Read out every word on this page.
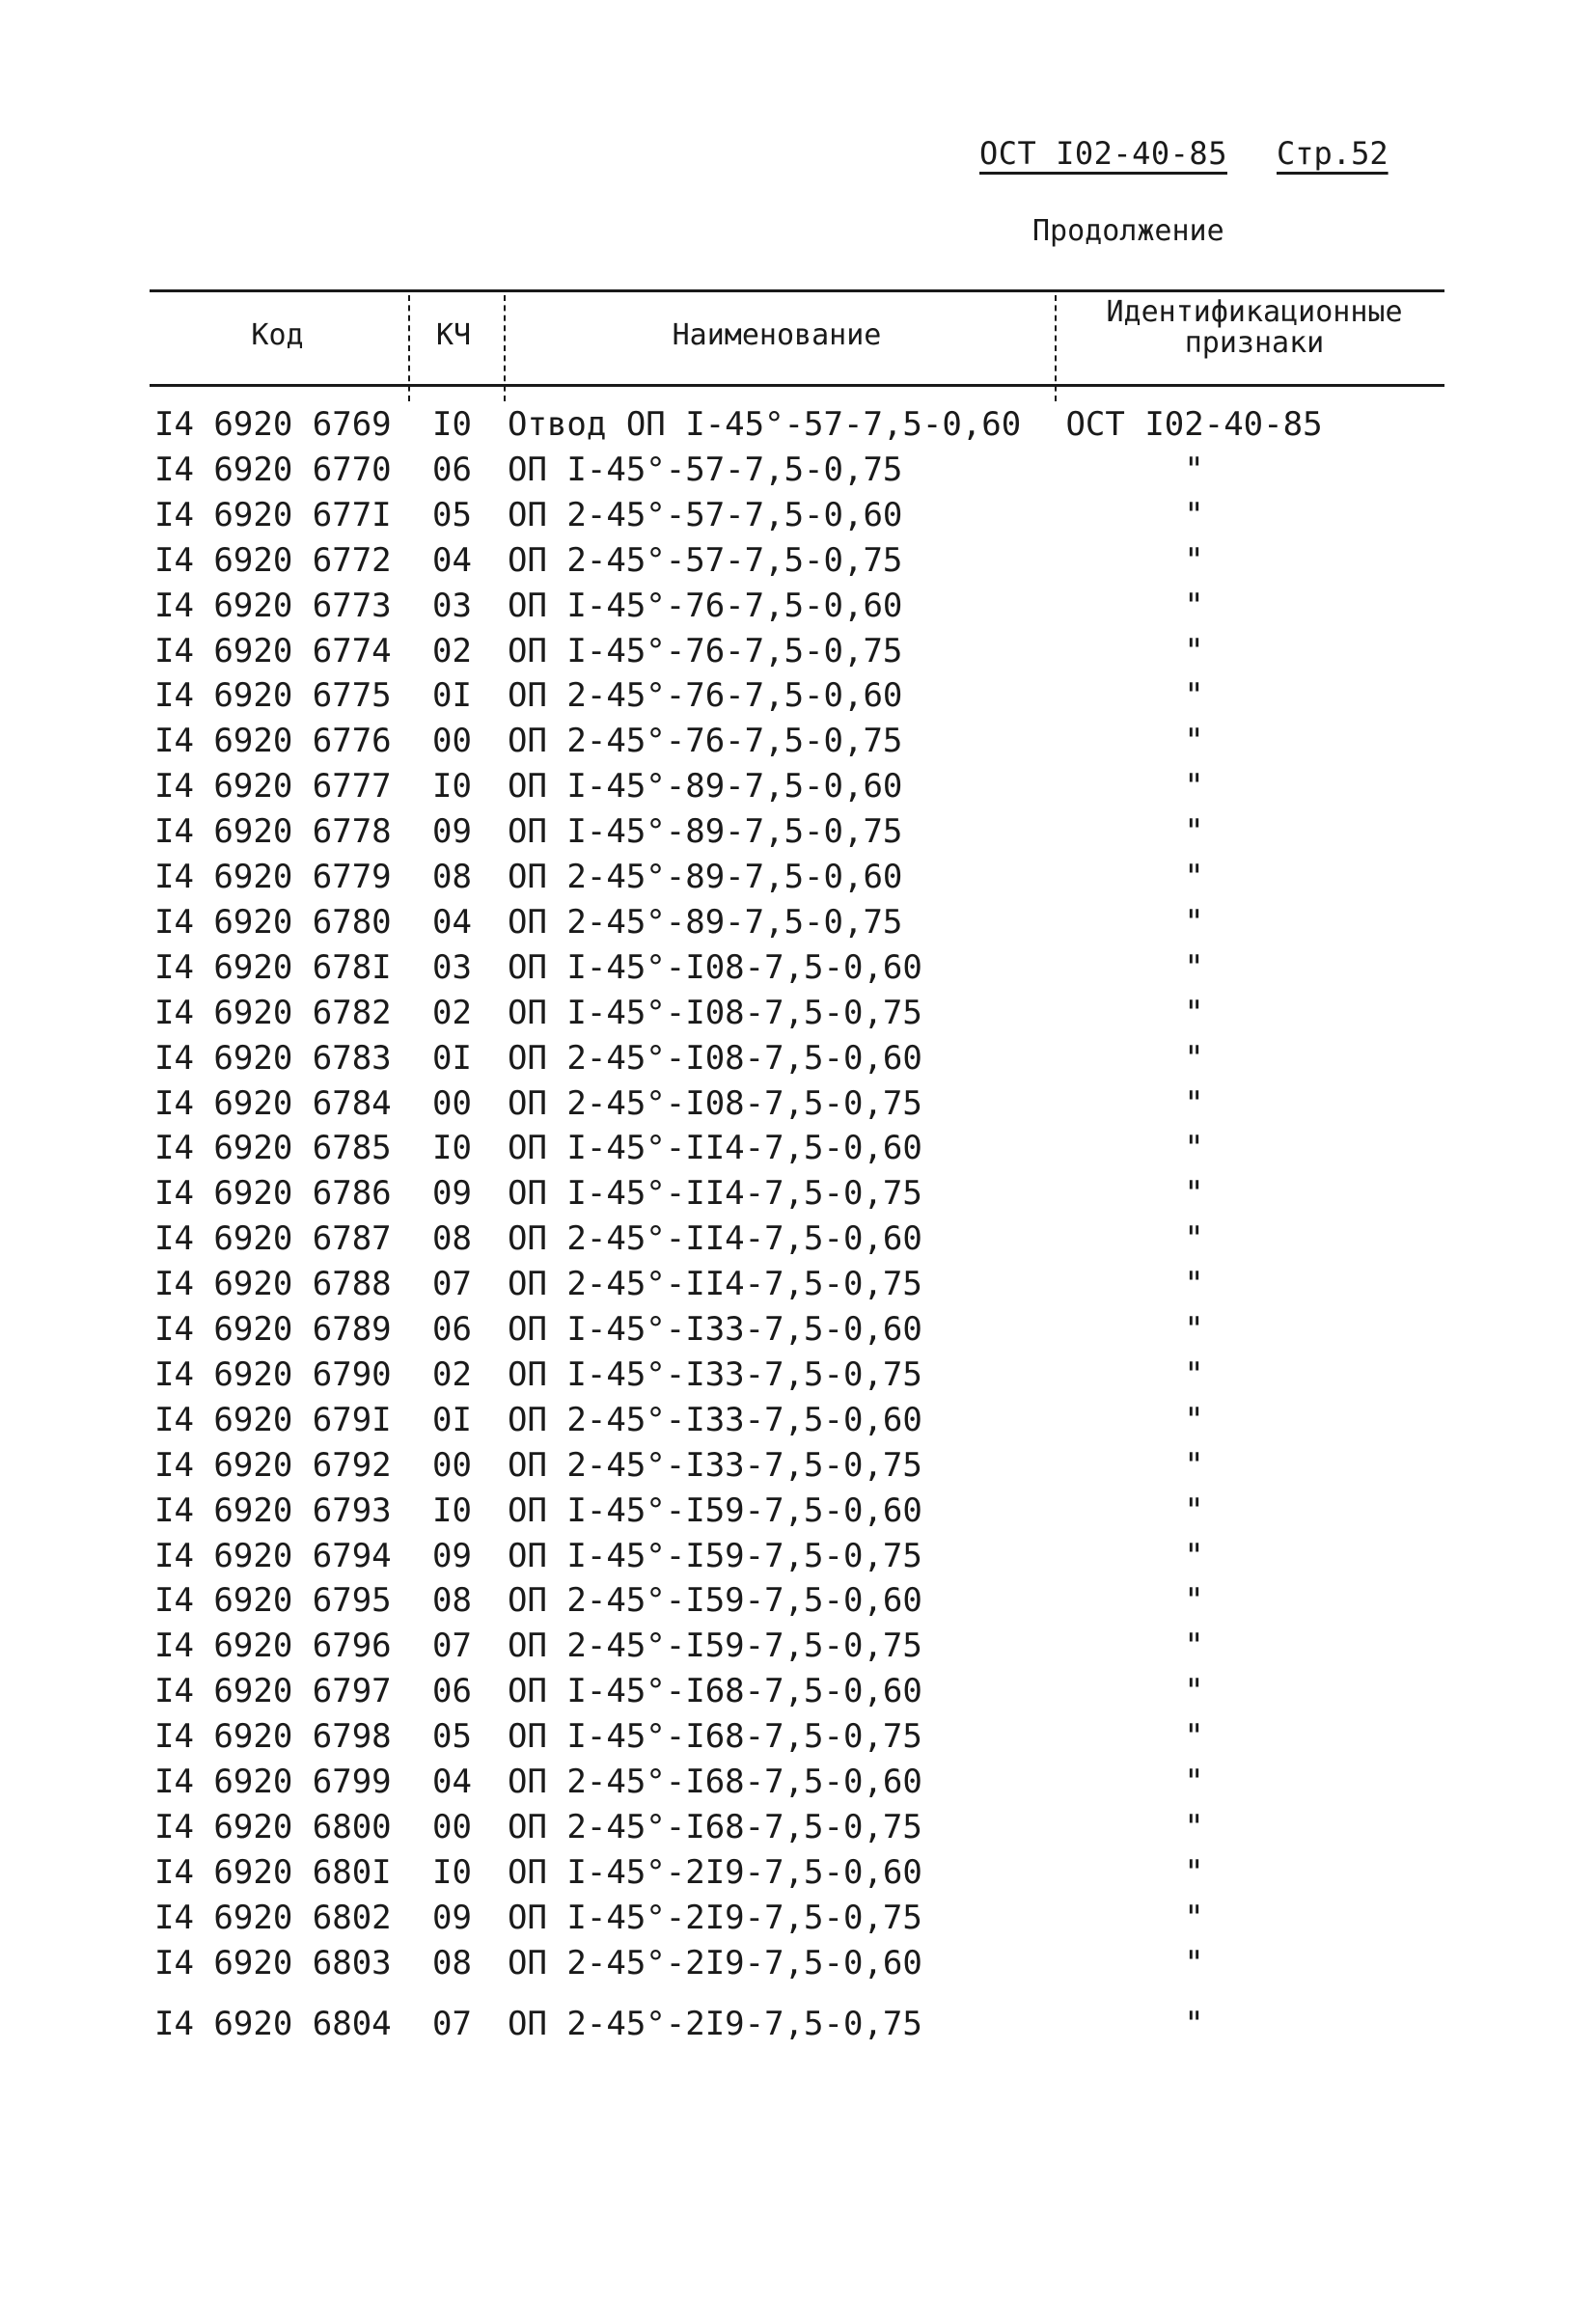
ОСТ I02-40-85 Стр.52
Продолжение
Код	КЧ	Наименование
Идентификационные
признаки
I4 6920 6769 I0 Отвод ОП I-45°-57-7,5-0,60 ОСТ I02-40-85
I4 6920 6770 06 ОП I-45°-57-7,5-0,75	"
I4 6920 677I 05 ОП 2-45°-57-7,5-0,60	"
I4 6920 6772 04 ОП 2-45°-57-7,5-0,75	"
I4 6920 6773 03 ОП I-45°-76-7,5-0,60	"
I4 6920 6774 02 ОП I-45°-76-7,5-0,75	"
I4 6920 6775 0I ОП 2-45°-76-7,5-0,60	"
I4 6920 6776 00 ОП 2-45°-76-7,5-0,75	"
I4 6920 6777 I0 ОП I-45°-89-7,5-0,60	"
I4 6920 6778 09 ОП I-45°-89-7,5-0,75	"
I4 6920 6779 08 ОП 2-45°-89-7,5-0,60	"
I4 6920 6780 04 ОП 2-45°-89-7,5-0,75	"
I4 6920 678I 03 ОП I-45°-I08-7,5-0,60	"
I4 6920 6782 02 ОП I-45°-I08-7,5-0,75	"
I4 6920 6783 0I ОП 2-45°-I08-7,5-0,60	"
I4 6920 6784 00 ОП 2-45°-I08-7,5-0,75	"
I4 6920 6785 I0 ОП I-45°-II4-7,5-0,60	"
I4 6920 6786 09 ОП I-45°-II4-7,5-0,75	"
I4 6920 6787 08 ОП 2-45°-II4-7,5-0,60	"
I4 6920 6788 07 ОП 2-45°-II4-7,5-0,75	"
I4 6920 6789 06 ОП I-45°-I33-7,5-0,60	"
I4 6920 6790 02 ОП I-45°-I33-7,5-0,75	"
I4 6920 679I 0I ОП 2-45°-I33-7,5-0,60	"
I4 6920 6792 00 ОП 2-45°-I33-7,5-0,75	"
I4 6920 6793 I0 ОП I-45°-I59-7,5-0,60	"
I4 6920 6794 09 ОП I-45°-I59-7,5-0,75	"
I4 6920 6795 08 ОП 2-45°-I59-7,5-0,60	"
I4 6920 6796 07 ОП 2-45°-I59-7,5-0,75	"
I4 6920 6797 06 ОП I-45°-I68-7,5-0,60	"
I4 6920 6798 05 ОП I-45°-I68-7,5-0,75	"
I4 6920 6799 04 ОП 2-45°-I68-7,5-0,60	"
I4 6920 6800 00 ОП 2-45°-I68-7,5-0,75	"
I4 6920 680I I0 ОП I-45°-2I9-7,5-0,60	"
I4 6920 6802 09 ОП I-45°-2I9-7,5-0,75	"
I4 6920 6803 08 ОП 2-45°-2I9-7,5-0,60	"
I4 6920 6804 07 ОП 2-45°-2I9-7,5-0,75	"
